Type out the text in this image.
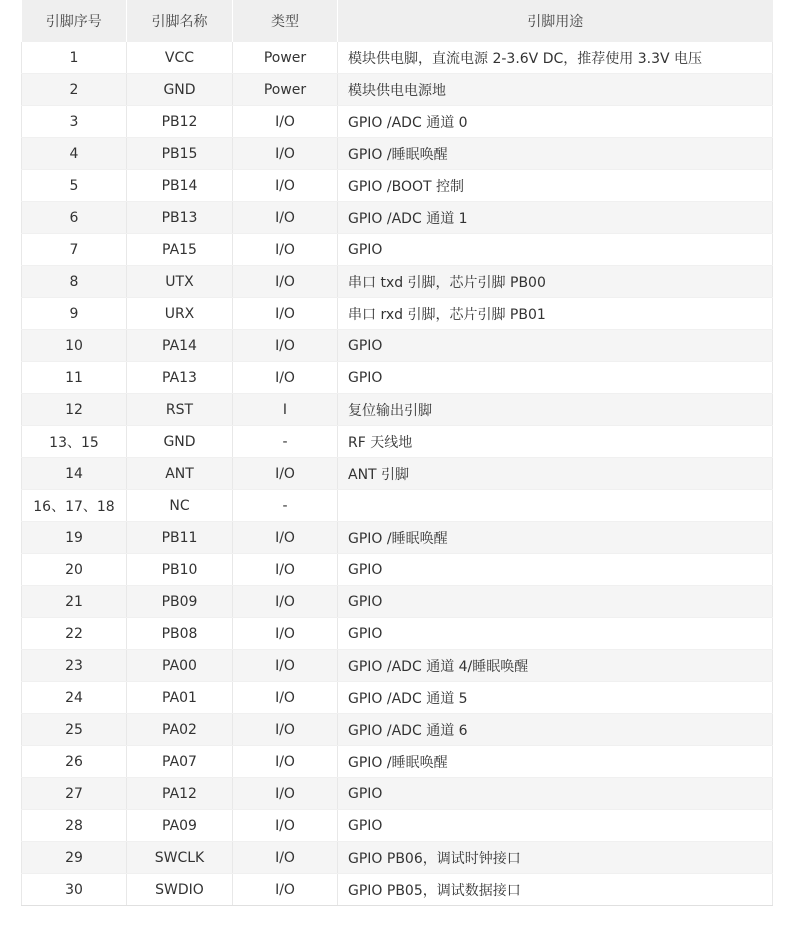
引脚序号	引脚名称	类型	引脚用途
1	VCC	Power	模块供电脚，直流电源 2-3.6V DC，推荐使用 3.3V 电压
2	GND	Power	模块供电电源地
3	PB12	I/O	GPIO /ADC 通道 0
4	PB15	I/O	GPIO /睡眠唤醒
5	PB14	I/O	GPIO /BOOT 控制
6	PB13	I/O	GPIO /ADC 通道 1
7	PA15	I/O	GPIO
8	UTX	I/O	串口 txd 引脚，芯片引脚 PB00
9	URX	I/O	串口 rxd 引脚，芯片引脚 PB01
10	PA14	I/O	GPIO
11	PA13	I/O	GPIO
12	RST	I	复位输出引脚
13、15	GND	-	RF 天线地
14	ANT	I/O	ANT 引脚
16、17、18	NC	-	
19	PB11	I/O	GPIO /睡眠唤醒
20	PB10	I/O	GPIO
21	PB09	I/O	GPIO
22	PB08	I/O	GPIO
23	PA00	I/O	GPIO /ADC 通道 4/睡眠唤醒
24	PA01	I/O	GPIO /ADC 通道 5
25	PA02	I/O	GPIO /ADC 通道 6
26	PA07	I/O	GPIO /睡眠唤醒
27	PA12	I/O	GPIO
28	PA09	I/O	GPIO
29	SWCLK	I/O	GPIO PB06，调试时钟接口
30	SWDIO	I/O	GPIO PB05，调试数据接口
